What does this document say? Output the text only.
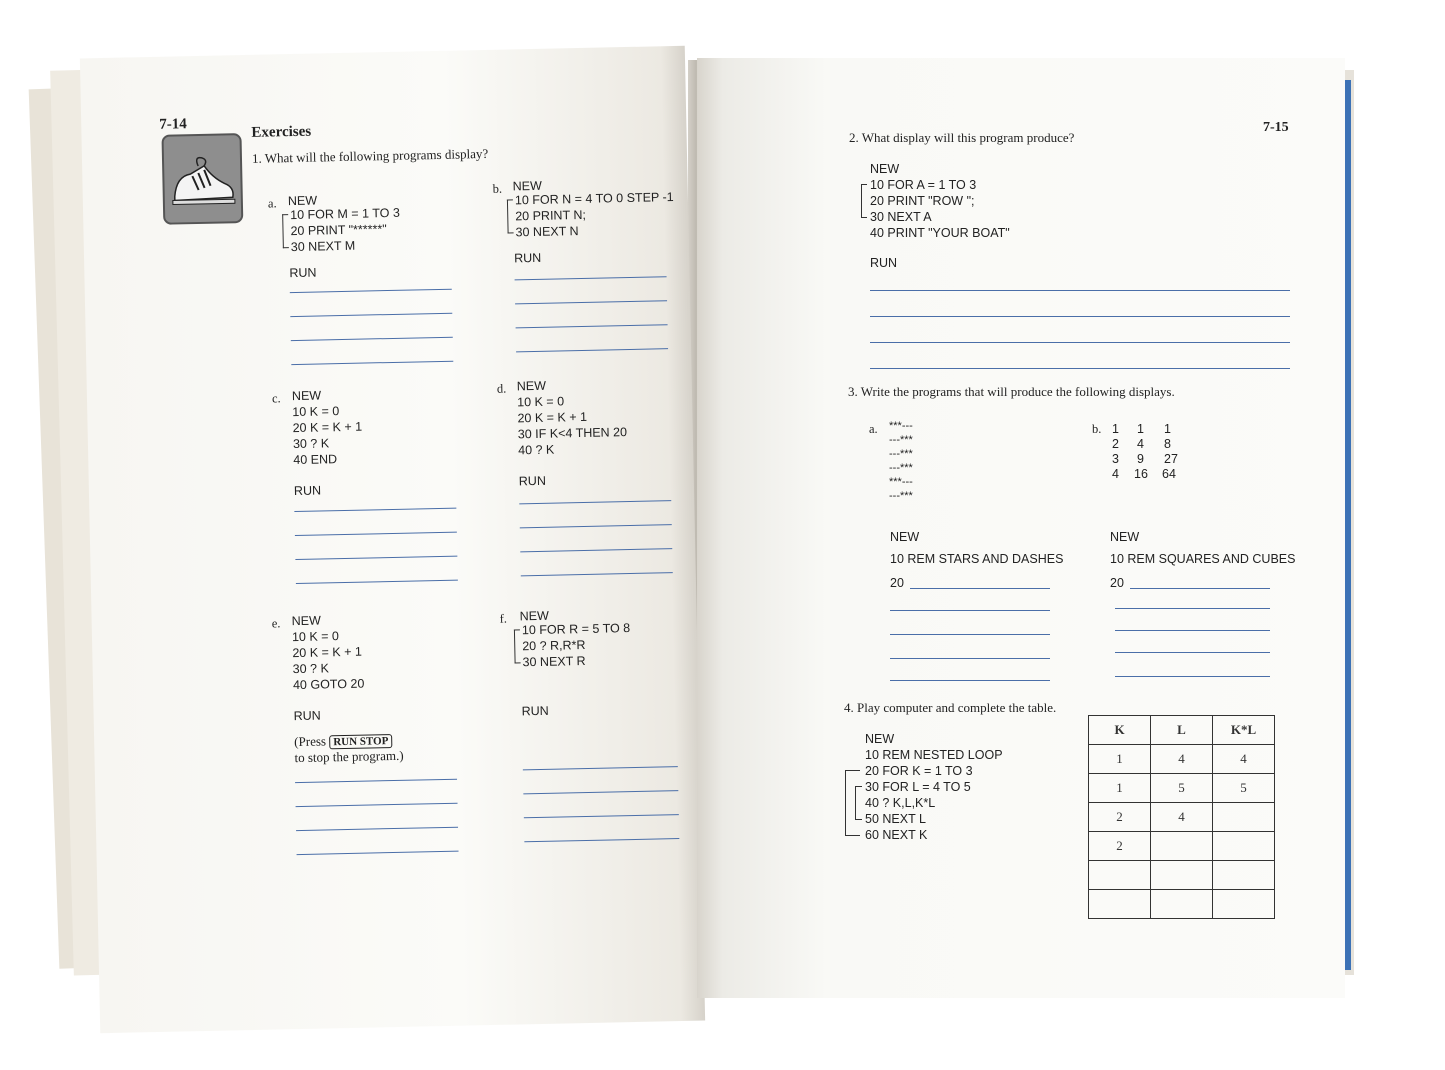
7-14	Exercises
1. What will the following programs display?
a. NEW
10 FOR M = 1 TO 3
20 PRINT "******"
30 NEXT M
RUN
b. NEW
10 FOR N = 4 TO 0 STEP -1
20 PRINT N;
30 NEXT N
RUN
c. NEW
10 K = 0
20 K = K + 1
30 ? K
40 END
RUN
d. NEW
10 K = 0
20 K = K + 1
30 IF K<4 THEN 20
40 ? K
RUN
e. NEW
10 K = 0
20 K = K + 1
30 ? K
40 GOTO 20
RUN
(Press RUN STOP
to stop the program.)
f. NEW
10 FOR R = 5 TO 8
20 ? R,R*R
30 NEXT R
RUN
7-15
2. What display will this program produce?
NEW
10 FOR A = 1 TO 3
20 PRINT "ROW ";
30 NEXT A
40 PRINT "YOUR BOAT"
RUN
3. Write the programs that will produce the following displays.
a. ***---
---***
---***
---***
***---
---***
b. 1 1 1
2 4 8
3 9 27
4 16 64
NEW
10 REM STARS AND DASHES
20
NEW
10 REM SQUARES AND CUBES
20
4. Play computer and complete the table.
NEW
10 REM NESTED LOOP
20 FOR K = 1 TO 3
30 FOR L = 4 TO 5
40 ? K,L,K*L
50 NEXT L
60 NEXT K
K	L	K*L
1	4	4
1	5	5
2	4	
2		
